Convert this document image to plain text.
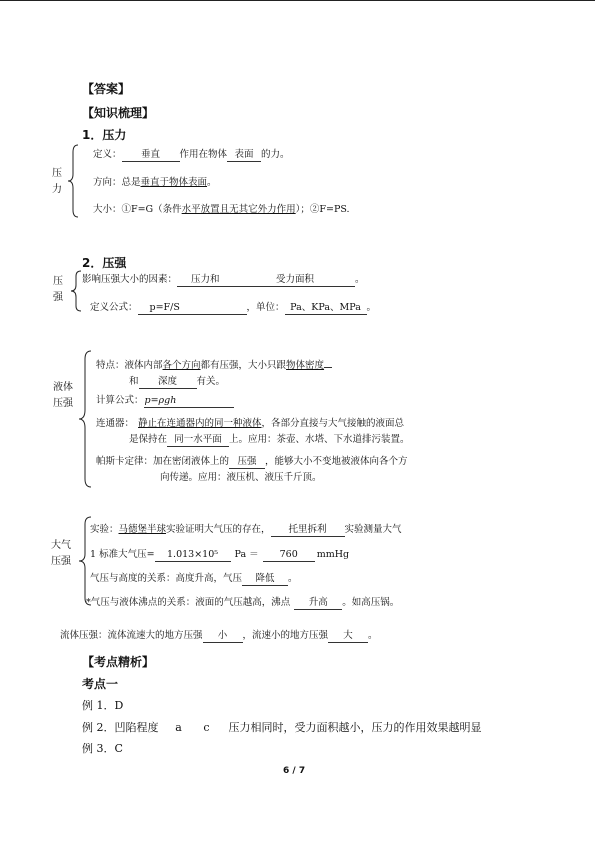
【答案】
【知识梳理】
1．压力
压
力
定义： 垂直 作用在物体 表面 的力。
方向：总是垂直于物体表面。
大小：①F=G（条件水平放置且无其它外力作用）；②F=PS.
2．压强
压
强
影响压强大小的因素： 压力和	受力面积	。
定义公式： p=F/S	，单位： Pa、KPa、MPa 。
液体
压强
特点：液体内部各个方向都有压强，大小只跟物体密度
和 深度 有关。
计算公式：p=ρgh
连通器： 静止在连通器内的同一种液体，各部分直接与大气接触的液面总
是保持在 同一水平面 上。应用：茶壶、水塔、下水道排污装置。
帕斯卡定律：加在密闭液体上的 压强 ，能够大小不变地被液体向各个方
向传递。应用：液压机、液压千斤顶。
大气
压强
实验：马德堡半球实验证明大气压的存在， 托里拆利 实验测量大气
1 标准大气压= 1.013×10⁵ Pa ＝ 760 mmHg
气压与高度的关系：高度升高，气压 降低 。
*气压与液体沸点的关系：液面的气压越高，沸点 升高 。如高压锅。
流体压强：流体流速大的地方压强 小 ，流速小的地方压强 大 。
【考点精析】
考点一
例 1．D
例 2．凹陷程度 a c 压力相同时，受力面积越小，压力的作用效果越明显
例 3．C
6 / 7
